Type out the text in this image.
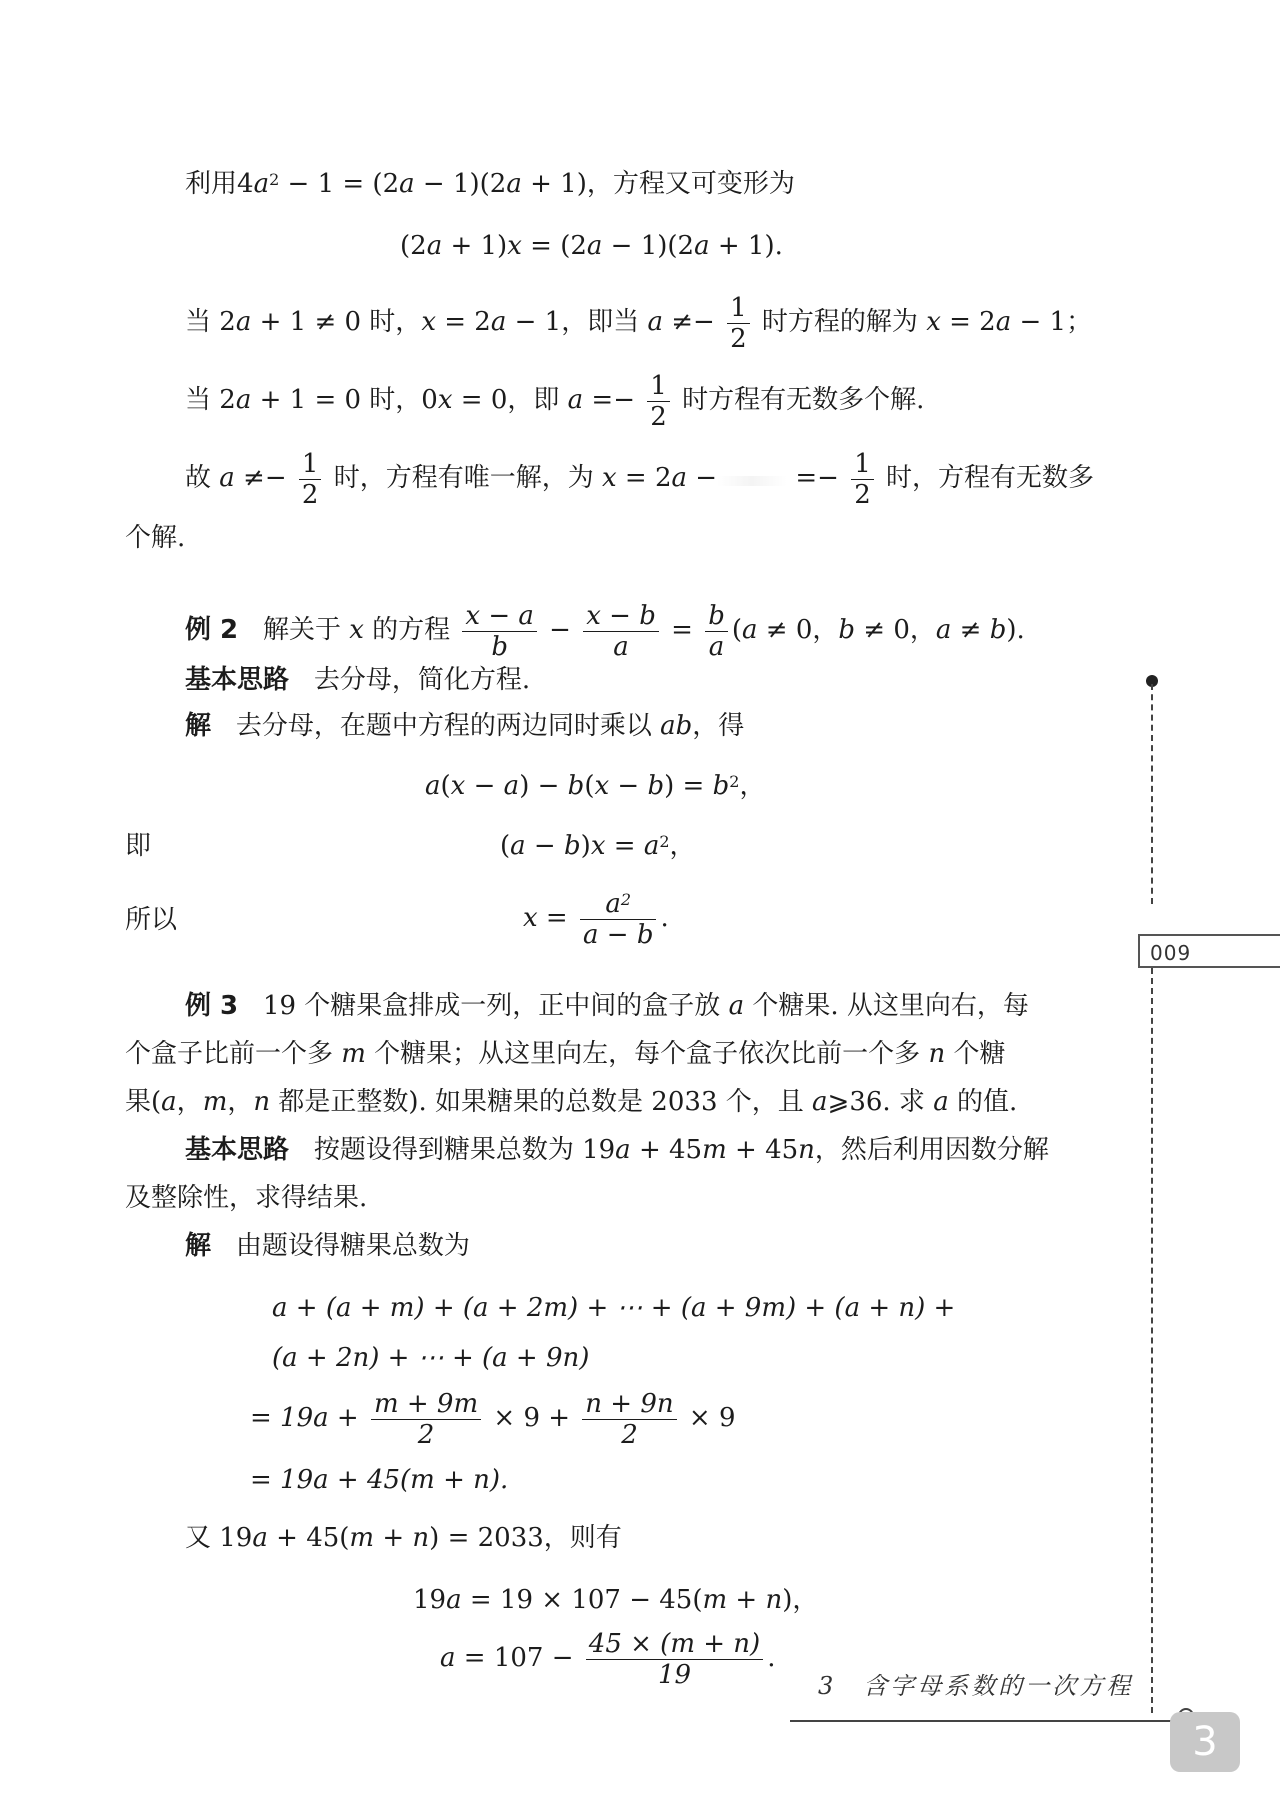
利用$4a^2 - 1 = (2a - 1)(2a + 1)$，方程又可变形为
(2a + 1)x = (2a − 1)(2a + 1).
当 2a + 1 ≠ 0 时，x = 2a − 1，即当 $a \ne- \frac{1}{2}$ 时方程的解为 x = 2a − 1；
当 2a + 1 = 0 时，0x = 0，即 $a =- \frac{1}{2}$ 时方程有无数多个解.
故 $a \ne- \frac{1}{2}$ 时，方程有唯一解，为 x = 2a −	=− $\frac{1}{2}$ 时，方程有无数多
个解.
例 2 解关于 x 的方程 $\frac{x - a}{b} - \frac{x - b}{a} = \frac{b}{a} (a \ne 0$，b ≠ 0，a ≠ b).
基本思路 去分母，简化方程.
解 去分母，在题中方程的两边同时乘以 ab，得
$a(x - a) - b(x - b) = b^2$，
即	$(a - b)x = a^2$，
所以	$x = \frac{a^2}{a - b}$ .
例 3 19 个糖果盒排成一列，正中间的盒子放 a 个糖果. 从这里向右，每
个盒子比前一个多 m 个糖果；从这里向左，每个盒子依次比前一个多 n 个糖
果(a，m，n 都是正整数). 如果糖果的总数是 2033 个，且 a⩾36. 求 a 的值.
基本思路 按题设得到糖果总数为 19a + 45m + 45n，然后利用因数分解
及整除性，求得结果.
解 由题设得糖果总数为
a + (a + m) + (a + 2m) + ⋯ + (a + 9m) + (a + n) +
(a + 2n) + ⋯ + (a + 9n)
= $19a + \frac{m + 9m}{2} \times 9 + \frac{n + 9n}{2} \times 9$
= 19a + 45(m + n).
又 19a + 45(m + n) = 2033，则有
19a = 19 × 107 − 45(m + n)，
$a = 107 - \frac{45 \times (m + n)}{19}$ .
009
3　含字母系数的一次方程
3
